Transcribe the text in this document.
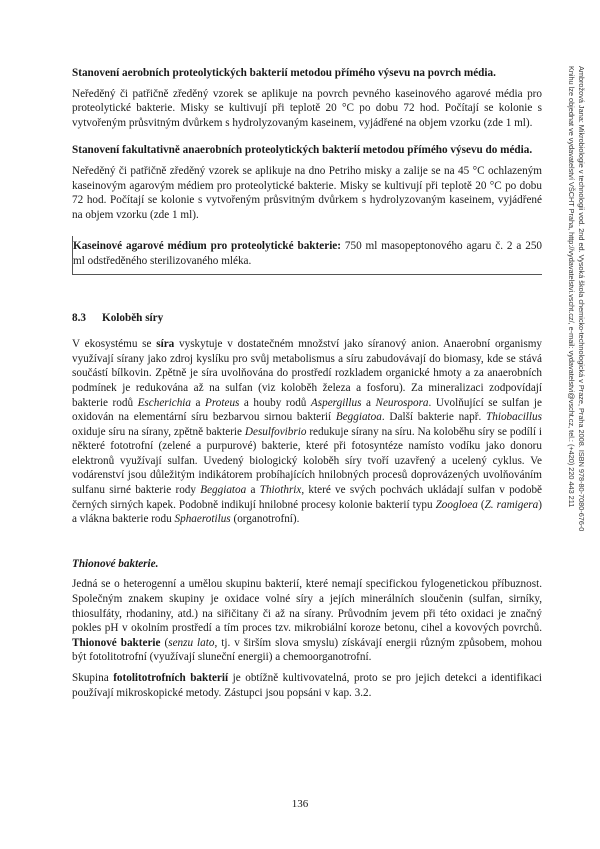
Stanovení aerobních proteolytických bakterií metodou přímého výsevu na povrch média.

Neředěný či patřičně zředěný vzorek se aplikuje na povrch pevného kaseinového agarové média pro proteolytické bakterie. Misky se kultivují při teplotě 20 °C po dobu 72 hod. Počítají se kolonie s vytvořeným průsvitným dvůrkem s hydrolyzovaným kaseinem, vyjádřené na objem vzorku (zde 1 ml).

Stanovení fakultativně anaerobních proteolytických bakterií metodou přímého výsevu do média.

Neředěný či patřičně zředěný vzorek se aplikuje na dno Petriho misky a zalije se na 45 °C ochlazeným kaseinovým agarovým médiem pro proteolytické bakterie. Misky se kultivují při teplotě 20 °C po dobu 72 hod. Počítají se kolonie s vytvořeným průsvitným dvůrkem s hydrolyzovaným kaseinem, vyjádřené na objem vzorku (zde 1 ml).

Kaseinové agarové médium pro proteolytické bakterie: 750 ml masopeptonového agaru č. 2 a 250 ml odstředěného sterilizovaného mléka.

8.3 Koloběh síry

V ekosystému se síra vyskytuje v dostatečném množství jako síranový anion. Anaerobní organismy využívají sírany jako zdroj kyslíku pro svůj metabolismus a síru zabudovávají do biomasy, kde se stává součástí bílkovin. Zpětně je síra uvolňována do prostředí rozkladem organické hmoty a za anaerobních podmínek je redukována až na sulfan (viz koloběh železa a fosforu). Za mineralizaci zodpovídají bakterie rodů Escherichia a Proteus a houby rodů Aspergillus a Neurospora. Uvolňující se sulfan je oxidován na elementární síru bezbarvou sirnou bakterií Beggiatoa. Další bakterie např. Thiobacillus oxiduje síru na sírany, zpětně bakterie Desulfovibrio redukuje sírany na síru. Na koloběhu síry se podílí i některé fototrofní (zelené a purpurové) bakterie, které při fotosyntéze namísto vodíku jako donoru elektronů využívají sulfan. Uvedený biologický koloběh síry tvoří uzavřený a ucelený cyklus. Ve vodárenství jsou důležitým indikátorem probíhajících hnilobných procesů doprovázených uvolňováním sulfanu sirné bakterie rody Beggiatoa a Thiothrix, které ve svých pochvách ukládají sulfan v podobě černých sirných kapek. Podobně indikují hnilobné procesy kolonie bakterií typu Zoogloea (Z. ramigera) a vlákna bakterie rodu Sphaerotilus (organotrofní).

Thionové bakterie.

Jedná se o heterogenní a umělou skupinu bakterií, které nemají specifickou fylogenetickou příbuznost. Společným znakem skupiny je oxidace volné síry a jejích minerálních sloučenin (sulfan, sirníky, thiosulfáty, rhodaniny, atd.) na siřičitany či až na sírany. Průvodním jevem při této oxidaci je značný pokles pH v okolním prostředí a tím proces tzv. mikrobiální koroze betonu, cihel a kovových povrchů. Thionové bakterie (senzu lato, tj. v širším slova smyslu) získávají energii různým způsobem, mohou být fotolitotrofní (využívají sluneční energii) a chemoorganotrofní.

Skupina fotolitotrofních bakterií je obtížně kultivovatelná, proto se pro jejich detekci a identifikaci používají mikroskopické metody. Zástupci jsou popsáni v kap. 3.2.

Ambrožová Jana: Mikrobiologie v technologii vod. 2nd ed. Vysoká škola chemicko-technologická v Praze, Praha 2008. ISBN 978-80-7080-676-0
Knihu lze objednat ve vydavatelství VŠCHT Praha, http://vydavatelstvi.vscht.cz/, e-mail: vydavatelstvi@vscht.cz, tel.: (+420) 220 443 211
136
